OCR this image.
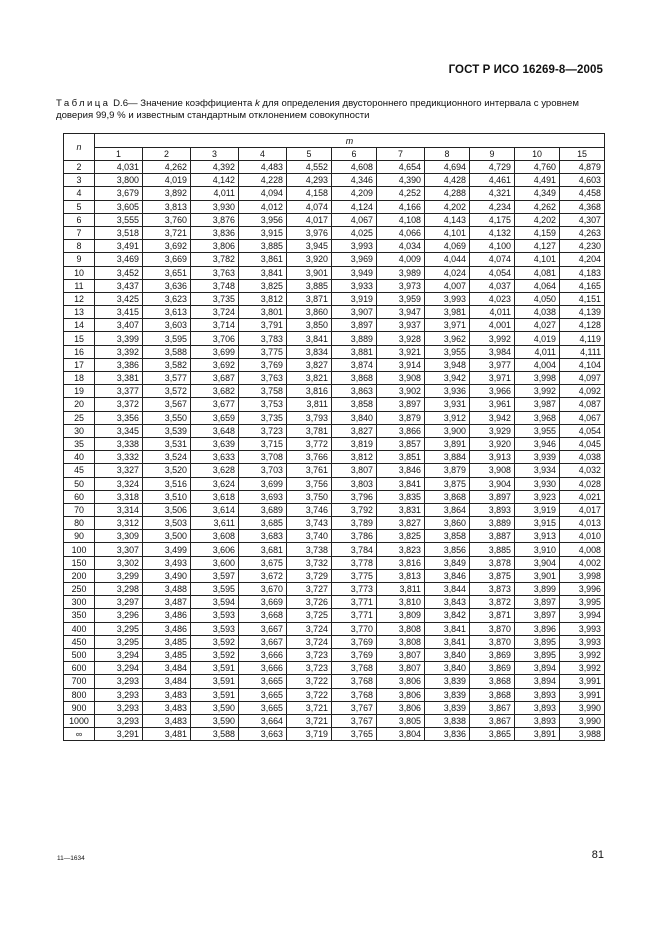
ГОСТ Р ИСО 16269-8—2005
Таблица D.6— Значение коэффициента k для определения двустороннего предикционного интервала с уровнем доверия 99,9 % и известным стандартным отклонением совокупности
n	m										
	1	2	3	4	5	6	7	8	9	10	15
2	4,031	4,262	4,392	4,483	4,552	4,608	4,654	4,694	4,729	4,760	4,879
3	3,800	4,019	4,142	4,228	4,293	4,346	4,390	4,428	4,461	4,491	4,603
4	3,679	3,892	4,011	4,094	4,158	4,209	4,252	4,288	4,321	4,349	4,458
5	3,605	3,813	3,930	4,012	4,074	4,124	4,166	4,202	4,234	4,262	4,368
6	3,555	3,760	3,876	3,956	4,017	4,067	4,108	4,143	4,175	4,202	4,307
7	3,518	3,721	3,836	3,915	3,976	4,025	4,066	4,101	4,132	4,159	4,263
8	3,491	3,692	3,806	3,885	3,945	3,993	4,034	4,069	4,100	4,127	4,230
9	3,469	3,669	3,782	3,861	3,920	3,969	4,009	4,044	4,074	4,101	4,204
10	3,452	3,651	3,763	3,841	3,901	3,949	3,989	4,024	4,054	4,081	4,183
11	3,437	3,636	3,748	3,825	3,885	3,933	3,973	4,007	4,037	4,064	4,165
12	3,425	3,623	3,735	3,812	3,871	3,919	3,959	3,993	4,023	4,050	4,151
13	3,415	3,613	3,724	3,801	3,860	3,907	3,947	3,981	4,011	4,038	4,139
14	3,407	3,603	3,714	3,791	3,850	3,897	3,937	3,971	4,001	4,027	4,128
15	3,399	3,595	3,706	3,783	3,841	3,889	3,928	3,962	3,992	4,019	4,119
16	3,392	3,588	3,699	3,775	3,834	3,881	3,921	3,955	3,984	4,011	4,111
17	3,386	3,582	3,692	3,769	3,827	3,874	3,914	3,948	3,977	4,004	4,104
18	3,381	3,577	3,687	3,763	3,821	3,868	3,908	3,942	3,971	3,998	4,097
19	3,377	3,572	3,682	3,758	3,816	3,863	3,902	3,936	3,966	3,992	4,092
20	3,372	3,567	3,677	3,753	3,811	3,858	3,897	3,931	3,961	3,987	4,087
25	3,356	3,550	3,659	3,735	3,793	3,840	3,879	3,912	3,942	3,968	4,067
30	3,345	3,539	3,648	3,723	3,781	3,827	3,866	3,900	3,929	3,955	4,054
35	3,338	3,531	3,639	3,715	3,772	3,819	3,857	3,891	3,920	3,946	4,045
40	3,332	3,524	3,633	3,708	3,766	3,812	3,851	3,884	3,913	3,939	4,038
45	3,327	3,520	3,628	3,703	3,761	3,807	3,846	3,879	3,908	3,934	4,032
50	3,324	3,516	3,624	3,699	3,756	3,803	3,841	3,875	3,904	3,930	4,028
60	3,318	3,510	3,618	3,693	3,750	3,796	3,835	3,868	3,897	3,923	4,021
70	3,314	3,506	3,614	3,689	3,746	3,792	3,831	3,864	3,893	3,919	4,017
80	3,312	3,503	3,611	3,685	3,743	3,789	3,827	3,860	3,889	3,915	4,013
90	3,309	3,500	3,608	3,683	3,740	3,786	3,825	3,858	3,887	3,913	4,010
100	3,307	3,499	3,606	3,681	3,738	3,784	3,823	3,856	3,885	3,910	4,008
150	3,302	3,493	3,600	3,675	3,732	3,778	3,816	3,849	3,878	3,904	4,002
200	3,299	3,490	3,597	3,672	3,729	3,775	3,813	3,846	3,875	3,901	3,998
250	3,298	3,488	3,595	3,670	3,727	3,773	3,811	3,844	3,873	3,899	3,996
300	3,297	3,487	3,594	3,669	3,726	3,771	3,810	3,843	3,872	3,897	3,995
350	3,296	3,486	3,593	3,668	3,725	3,771	3,809	3,842	3,871	3,897	3,994
400	3,295	3,486	3,593	3,667	3,724	3,770	3,808	3,841	3,870	3,896	3,993
450	3,295	3,485	3,592	3,667	3,724	3,769	3,808	3,841	3,870	3,895	3,993
500	3,294	3,485	3,592	3,666	3,723	3,769	3,807	3,840	3,869	3,895	3,992
600	3,294	3,484	3,591	3,666	3,723	3,768	3,807	3,840	3,869	3,894	3,992
700	3,293	3,484	3,591	3,665	3,722	3,768	3,806	3,839	3,868	3,894	3,991
800	3,293	3,483	3,591	3,665	3,722	3,768	3,806	3,839	3,868	3,893	3,991
900	3,293	3,483	3,590	3,665	3,721	3,767	3,806	3,839	3,867	3,893	3,990
1000	3,293	3,483	3,590	3,664	3,721	3,767	3,805	3,838	3,867	3,893	3,990
∞	3,291	3,481	3,588	3,663	3,719	3,765	3,804	3,836	3,865	3,891	3,988
11—1634	81
